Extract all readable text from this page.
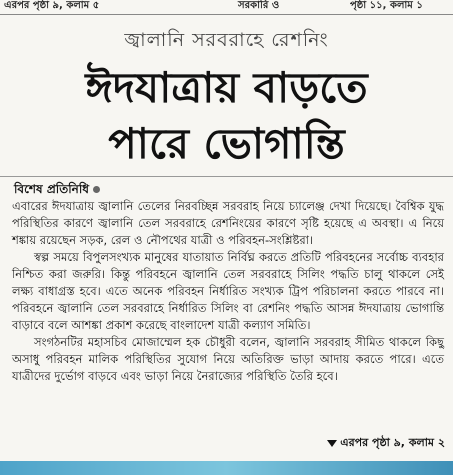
এরপর পৃষ্ঠা ৯, কলাম ৫	সরকারি ও	পৃষ্ঠা ১১, কলাম ১
জ্বালানি সরবরাহে রেশনিং
ঈদযাত্রায় বাড়তে
পারে ভোগান্তি
বিশেষ প্রতিনিধি

এবারের ঈদযাত্রায় জ্বালানি তেলের নিরবচ্ছিন্ন সরবরাহ নিয়ে চ্যালেঞ্জ দেখা দিয়েছে। বৈশ্বিক যুদ্ধ পরিস্থিতির কারণে জ্বালানি তেল সরবরাহে রেশনিংয়ের কারণে সৃষ্টি হয়েছে এ অবস্থা। এ নিয়ে শঙ্কায় রয়েছেন সড়ক, রেল ও নৌপথের যাত্রী ও পরিবহন-সংশ্লিষ্টরা।

স্বল্প সময়ে বিপুলসংখ্যক মানুষের যাতায়াত নির্বিঘ্ন করতে প্রতিটি পরিবহনের সর্বোচ্চ ব্যবহার নিশ্চিত করা জরুরি। কিন্তু পরিবহনে জ্বালানি তেল সরবরাহে সিলিং পদ্ধতি চালু থাকলে সেই লক্ষ্য বাধাগ্রস্ত হবে। এতে অনেক পরিবহন নির্ধারিত সংখ্যক ট্রিপ পরিচালনা করতে পারবে না। পরিবহনে জ্বালানি তেল সরবরাহে নির্ধারিত সিলিং বা রেশনিং পদ্ধতি আসন্ন ঈদযাত্রায় ভোগান্তি বাড়াবে বলে আশঙ্কা প্রকাশ করেছে বাংলাদেশ যাত্রী কল্যাণ সমিতি।

সংগঠনটির মহাসচিব মোজাম্মেল হক চৌধুরী বলেন, জ্বালানি সরবরাহ সীমিত থাকলে কিছু অসাধু পরিবহন মালিক পরিস্থিতির সুযোগ নিয়ে অতিরিক্ত ভাড়া আদায় করতে পারে। এতে যাত্রীদের দুর্ভোগ বাড়বে এবং ভাড়া নিয়ে নৈরাজ্যের পরিস্থিতি তৈরি হবে।

এরপর পৃষ্ঠা ৯, কলাম ২
